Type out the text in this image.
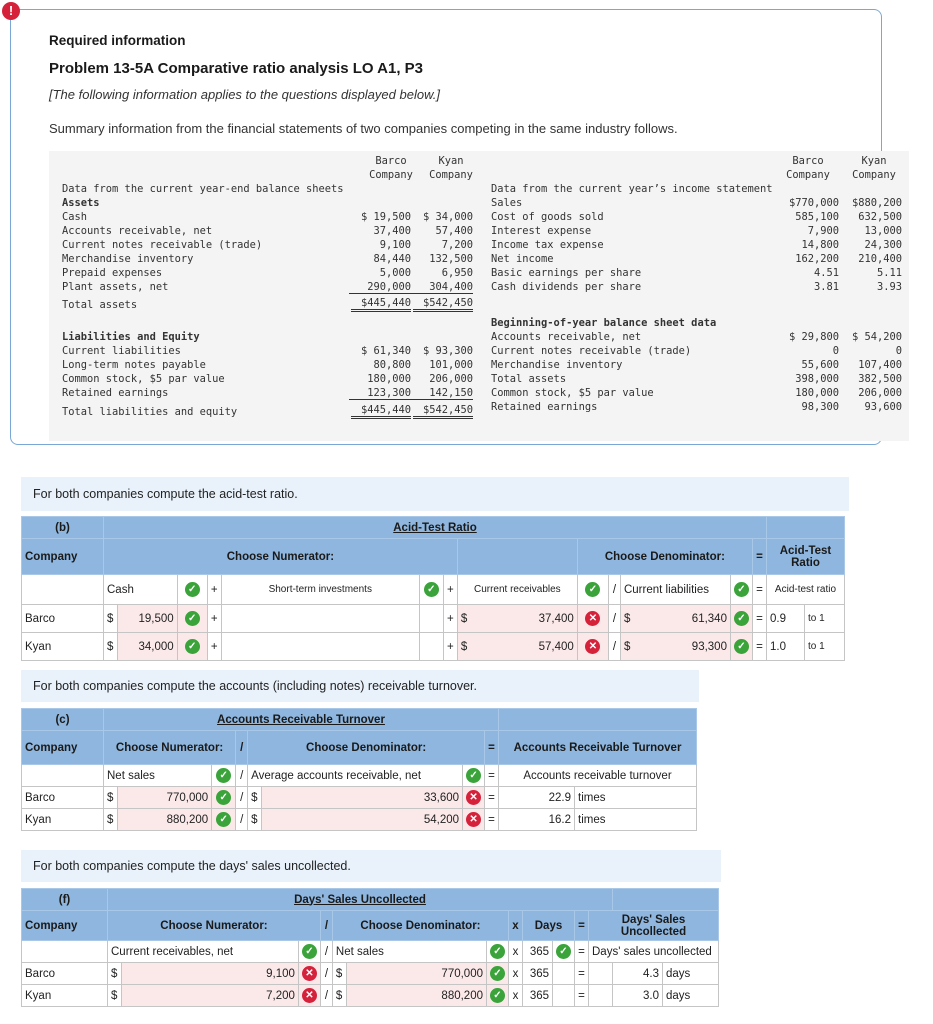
!
Required information
Problem 13-5A Comparative ratio analysis LO A1, P3
[The following information applies to the questions displayed below.]
Summary information from the financial statements of two companies competing in the same industry follows.
Barco
Company
Kyan
Company
Data from the current year-end balance sheets
Assets
Cash	$ 19,500	$ 34,000
Accounts receivable, net	37,400	57,400
Current notes receivable (trade)	9,100	7,200
Merchandise inventory	84,440	132,500
Prepaid expenses	5,000	6,950
Plant assets, net	290,000	304,400
Total assets	$445,440	$542,450
Liabilities and Equity
Current liabilities	$ 61,340	$ 93,300
Long-term notes payable	80,800	101,000
Common stock, $5 par value	180,000	206,000
Retained earnings	123,300	142,150
Total liabilities and equity	$445,440	$542,450
Barco
Company
Kyan
Company
Data from the current year’s income statement
Sales	$770,000	$880,200
Cost of goods sold	585,100	632,500
Interest expense	7,900	13,000
Income tax expense	14,800	24,300
Net income	162,200	210,400
Basic earnings per share	4.51	5.11
Cash dividends per share	3.81	3.93
Beginning-of-year balance sheet data
Accounts receivable, net	$ 29,800	$ 54,200
Current notes receivable (trade)	0	0
Merchandise inventory	55,600	107,400
Total assets	398,000	382,500
Common stock, $5 par value	180,000	206,000
Retained earnings	98,300	93,600
For both companies compute the acid-test ratio.
(b)	Acid-Test Ratio														
Company	Choose Numerator:								Choose Denominator:				=	Acid-Test Ratio	
	Cash		✓	+	Short-term investments	✓	+	Current receivables	✓	/	Current liabilities	✓	=	Acid-test ratio	
Barco	$	19,500	✓	+			+	$ 37,400	✕	/	$ 61,340	✓	=	0.9	to 1
Kyan	$	34,000	✓	+			+	$ 57,400	✕	/	$ 93,300	✓	=	1.0	to 1
For both companies compute the accounts (including notes) receivable turnover.
(c)	Accounts Receivable Turnover									
Company	Choose Numerator:			/	Choose Denominator:			=	Accounts Receivable Turnover	
	Net sales		✓	/	Average accounts receivable, net		✓	=	Accounts receivable turnover	
Barco	$	770,000	✓	/	$	33,600	✕	=	22.9	times
Kyan	$	880,200	✓	/	$	54,200	✕	=	16.2	times
For both companies compute the days' sales uncollected.
(f)	Days' Sales Uncollected													
Company	Choose Numerator:			/	Choose Denominator:			x	Days		=	Days' Sales Uncollected		
	Current receivables, net		✓	/	Net sales		✓	x	365	✓	=	Days' sales uncollected		
Barco	$	9,100	✕	/	$	770,000	✓	x	365		=		4.3	days
Kyan	$	7,200	✕	/	$	880,200	✓	x	365		=		3.0	days
